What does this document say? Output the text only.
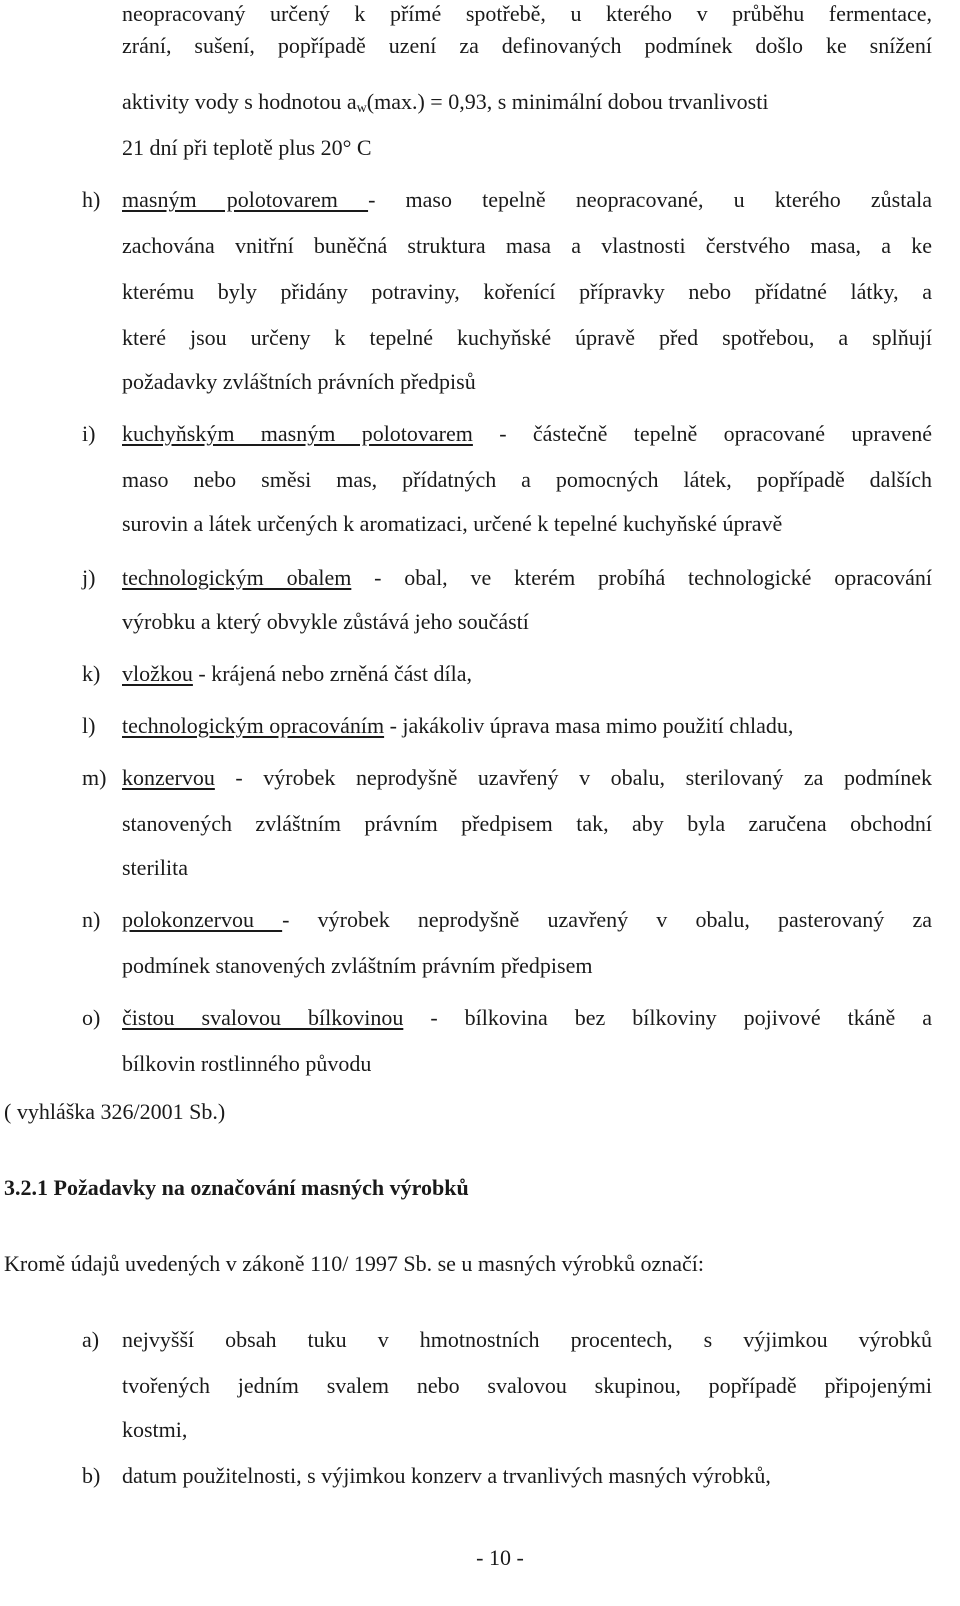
neopracovaný určený k přímé spotřebě, u kterého v průběhu fermentace,
zrání, sušení, popřípadě uzení za definovaných podmínek došlo ke snížení
aktivity vody s hodnotou $a_w(\max.) = 0,93$, s minimální dobou trvanlivosti
21 dní při teplotě plus 20° C
h) masným polotovarem - maso tepelně neopracované, u kterého zůstala
zachována vnitřní buněčná struktura masa a vlastnosti čerstvého masa, a ke
kterému byly přidány potraviny, kořenící přípravky nebo přídatné látky, a
které jsou určeny k tepelné kuchyňské úpravě před spotřebou, a splňují
požadavky zvláštních právních předpisů
i) kuchyňským masným polotovarem - částečně tepelně opracované upravené
maso nebo směsi mas, přídatných a pomocných látek, popřípadě dalších
surovin a látek určených k aromatizaci, určené k tepelné kuchyňské úpravě
j) technologickým obalem - obal, ve kterém probíhá technologické opracování
výrobku a který obvykle zůstává jeho součástí
k) vložkou - krájená nebo zrněná část díla,
l) technologickým opracováním - jakákoliv úprava masa mimo použití chladu,
m) konzervou - výrobek neprodyšně uzavřený v obalu, sterilovaný za podmínek
stanovených zvláštním právním předpisem tak, aby byla zaručena obchodní
sterilita
n) polokonzervou - výrobek neprodyšně uzavřený v obalu, pasterovaný za
podmínek stanovených zvláštním právním předpisem
o) čistou svalovou bílkovinou - bílkovina bez bílkoviny pojivové tkáně a
bílkovin rostlinného původu
( vyhláška 326/2001 Sb.)
3.2.1 Požadavky na označování masných výrobků
Kromě údajů uvedených v zákoně 110/ 1997 Sb. se u masných výrobků označí:
a) nejvyšší obsah tuku v hmotnostních procentech, s výjimkou výrobků
tvořených jedním svalem nebo svalovou skupinou, popřípadě připojenými
kostmi,
b) datum použitelnosti, s výjimkou konzerv a trvanlivých masných výrobků,
- 10 -
